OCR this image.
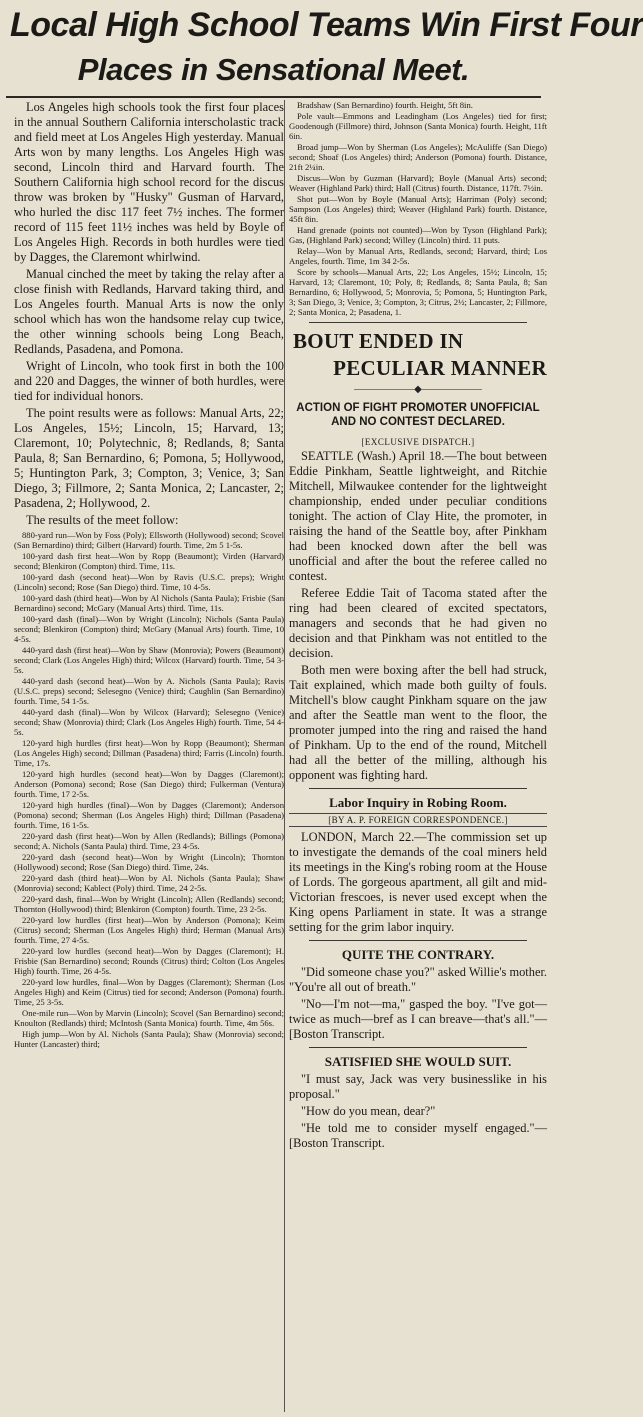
Local High School Teams Win First Four
Places in Sensational Meet.

Los Angeles high schools took the first four places in the annual Southern California interscholastic track and field meet at Los Angeles High yesterday. Manual Arts won by many lengths. Los Angeles High was second, Lincoln third and Harvard fourth. The Southern California high school record for the discus throw was broken by "Husky" Gusman of Harvard, who hurled the disc 117 feet 7½ inches. The former record of 115 feet 11½ inches was held by Boyle of Los Angeles High. Records in both hurdles were tied by Dagges, the Claremont whirlwind.

Manual cinched the meet by taking the relay after a close finish with Redlands, Harvard taking third, and Los Angeles fourth. Manual Arts is now the only school which has won the handsome relay cup twice, the other winning schools being Long Beach, Redlands, Pasadena, and Pomona.

Wright of Lincoln, who took first in both the 100 and 220 and Dagges, the winner of both hurdles, were tied for individual honors.

The point results were as follows: Manual Arts, 22; Los Angeles, 15½; Lincoln, 15; Harvard, 13; Claremont, 10; Polytechnic, 8; Redlands, 8; Santa Paula, 8; San Bernardino, 6; Pomona, 5; Hollywood, 5; Huntington Park, 3; Compton, 3; Venice, 3; San Diego, 3; Fillmore, 2; Santa Monica, 2; Lancaster, 2; Pasadena, 2; Hollywood, 2.

The results of the meet follow:

880-yard run—Won by Foss (Poly); Ellsworth (Hollywood) second; Scovel (San Bernardino) third; Gilbert (Harvard) fourth. Time, 2m 5 1-5s.

100-yard dash first heat—Won by Ropp (Beaumont); Virden (Harvard) second; Blenkiron (Compton) third. Time, 11s.

100-yard dash (second heat)—Won by Ravis (U.S.C. preps); Wright (Lincoln) second; Rose (San Diego) third. Time, 10 4-5s.

100-yard dash (third heat)—Won by Al Nichols (Santa Paula); Frisbie (San Bernardino) second; McGary (Manual Arts) third. Time, 11s.

100-yard dash (final)—Won by Wright (Lincoln); Nichols (Santa Paula) second; Blenkiron (Compton) third; McGary (Manual Arts) fourth. Time, 10 4-5s.

440-yard dash (first heat)—Won by Shaw (Monrovia); Powers (Beaumont) second; Clark (Los Angeles High) third; Wilcox (Harvard) fourth. Time, 54 3-5s.

440-yard dash (second heat)—Won by A. Nichols (Santa Paula); Ravis (U.S.C. preps) second; Selesegno (Venice) third; Caughlin (San Bernardino) fourth. Time, 54 1-5s.

440-yard dash (final)—Won by Wilcox (Harvard); Selesegno (Venice) second; Shaw (Monrovia) third; Clark (Los Angeles High) fourth. Time, 54 4-5s.

120-yard high hurdles (first heat)—Won by Ropp (Beaumont); Sherman (Los Angeles High) second; Dillman (Pasadena) third; Farris (Lincoln) fourth. Time, 17s.

120-yard high hurdles (second heat)—Won by Dagges (Claremont); Anderson (Pomona) second; Rose (San Diego) third; Fulkerman (Ventura) fourth. Time, 17 2-5s.

120-yard high hurdles (final)—Won by Dagges (Claremont); Anderson (Pomona) second; Sherman (Los Angeles High) third; Dillman (Pasadena) fourth. Time, 16 1-5s.

220-yard dash (first heat)—Won by Allen (Redlands); Billings (Pomona) second; A. Nichols (Santa Paula) third. Time, 23 4-5s.

220-yard dash (second heat)—Won by Wright (Lincoln); Thornton (Hollywood) second; Rose (San Diego) third. Time, 24s.

220-yard dash (third heat)—Won by Al. Nichols (Santa Paula); Shaw (Monrovia) second; Kablect (Poly) third. Time, 24 2-5s.

220-yard dash, final—Won by Wright (Lincoln); Allen (Redlands) second; Thornton (Hollywood) third; Blenkiron (Compton) fourth. Time, 23 2-5s.

220-yard low hurdles (first heat)—Won by Anderson (Pomona); Keim (Citrus) second; Sherman (Los Angeles High) third; Herman (Manual Arts) fourth. Time, 27 4-5s.

220-yard low hurdles (second heat)—Won by Dagges (Claremont); H. Frisbie (San Bernardino) second; Rounds (Citrus) third; Colton (Los Angeles High) fourth. Time, 26 4-5s.

220-yard low hurdles, final—Won by Dagges (Claremont); Sherman (Los Angeles High) and Keim (Citrus) tied for second; Anderson (Pomona) fourth. Time, 25 3-5s.

One-mile run—Won by Marvin (Lincoln); Scovel (San Bernardino) second; Knoulton (Redlands) third; McIntosh (Santa Monica) fourth. Time, 4m 56s.

High jump—Won by Al. Nichols (Santa Paula); Shaw (Monrovia) second; Hunter (Lancaster) third;

Bradshaw (San Bernardino) fourth. Height, 5ft 8in.

Pole vault—Emmons and Leadingham (Los Angeles) tied for first; Goodenough (Fillmore) third, Johnson (Santa Monica) fourth. Height, 11ft 6in.

Broad jump—Won by Sherman (Los Angeles); McAuliffe (San Diego) second; Shoaf (Los Angeles) third; Anderson (Pomona) fourth. Distance, 21ft 2¼in.

Discus—Won by Guzman (Harvard); Boyle (Manual Arts) second; Weaver (Highland Park) third; Hall (Citrus) fourth. Distance, 117ft. 7½in.

Shot put—Won by Boyle (Manual Arts); Harriman (Poly) second; Sampson (Los Angeles) third; Weaver (Highland Park) fourth. Distance, 45ft 8in.

Hand grenade (points not counted)—Won by Tyson (Highland Park); Gas, (Highland Park) second; Willey (Lincoln) third. 11 puts.

Relay—Won by Manual Arts, Redlands, second; Harvard, third; Los Angeles, fourth. Time, 1m 34 2-5s.

Score by schools—Manual Arts, 22; Los Angeles, 15½; Lincoln, 15; Harvard, 13; Claremont, 10; Poly, 8; Redlands, 8; Santa Paula, 8; San Bernardino, 6; Hollywood, 5; Monrovia, 5; Pomona, 5; Huntington Park, 3; San Diego, 3; Venice, 3; Compton, 3; Citrus, 2½; Lancaster, 2; Fillmore, 2; Santa Monica, 2; Pasadena, 1.

BOUT ENDED IN
PECULIAR MANNER
——————◆——————
ACTION OF FIGHT PROMOTER UNOFFICIAL AND NO CONTEST DECLARED.
[EXCLUSIVE DISPATCH.]

SEATTLE (Wash.) April 18.—The bout between Eddie Pinkham, Seattle lightweight, and Ritchie Mitchell, Milwaukee contender for the lightweight championship, ended under peculiar conditions tonight. The action of Clay Hite, the promoter, in raising the hand of the Seattle boy, after Pinkham had been knocked down after the bell was unofficial and after the bout the referee called no contest.

Referee Eddie Tait of Tacoma stated after the ring had been cleared of excited spectators, managers and seconds that he had given no decision and that Pinkham was not entitled to the decision.

Both men were boxing after the bell had struck, Tait explained, which made both guilty of fouls. Mitchell's blow caught Pinkham square on the jaw and after the Seattle man went to the floor, the promoter jumped into the ring and raised the hand of Pinkham. Up to the end of the round, Mitchell had all the better of the milling, although his opponent was fighting hard.

Labor Inquiry in Robing Room.
[BY A. P. FOREIGN CORRESPONDENCE.]

LONDON, March 22.—The commission set up to investigate the demands of the coal miners held its meetings in the King's robing room at the House of Lords. The gorgeous apartment, all gilt and mid-Victorian frescoes, is never used except when the King opens Parliament in state. It was a strange setting for the grim labor inquiry.

QUITE THE CONTRARY.

"Did someone chase you?" asked Willie's mother. "You're all out of breath."

"No—I'm not—ma," gasped the boy. "I've got—twice as much—bref as I can breave—that's all."—[Boston Transcript.

SATISFIED SHE WOULD SUIT.

"I must say, Jack was very businesslike in his proposal."

"How do you mean, dear?"

"He told me to consider myself engaged."—[Boston Transcript.
